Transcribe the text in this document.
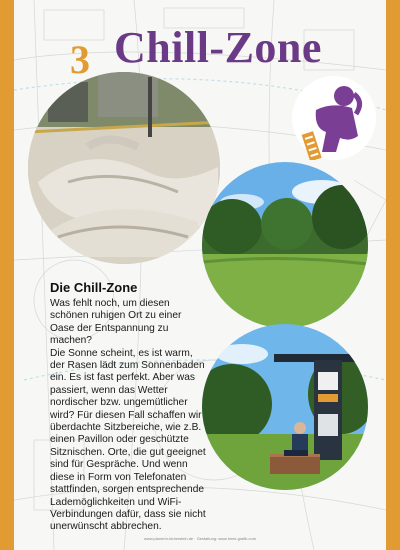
3 Chill-Zone
Die Chill-Zone

Was fehlt noch, um diesen schönen ruhigen Ort zu einer Oase der Entspannung zu machen?

Die Sonne scheint, es ist warm, der Rasen lädt zum Sonnenbaden ein. Es ist fast perfekt. Aber was passiert, wenn das Wetter nordischer bzw. ungemütlicher wird? Für diesen Fall schaffen wir überdachte Sitzbereiche, wie z.B. einen Pavillon oder geschützte Sitznischen. Orte, die gut geeignet sind für Gespräche. Und wenn diese in Form von Telefonaten stattfinden, sorgen entsprechende Lademöglichkeiten und WiFi-Verbindungen dafür, dass sie nicht unerwünscht abbrechen.

www.planerin-hinterstein.de · Gestaltung: www.hinni-grafik.com
